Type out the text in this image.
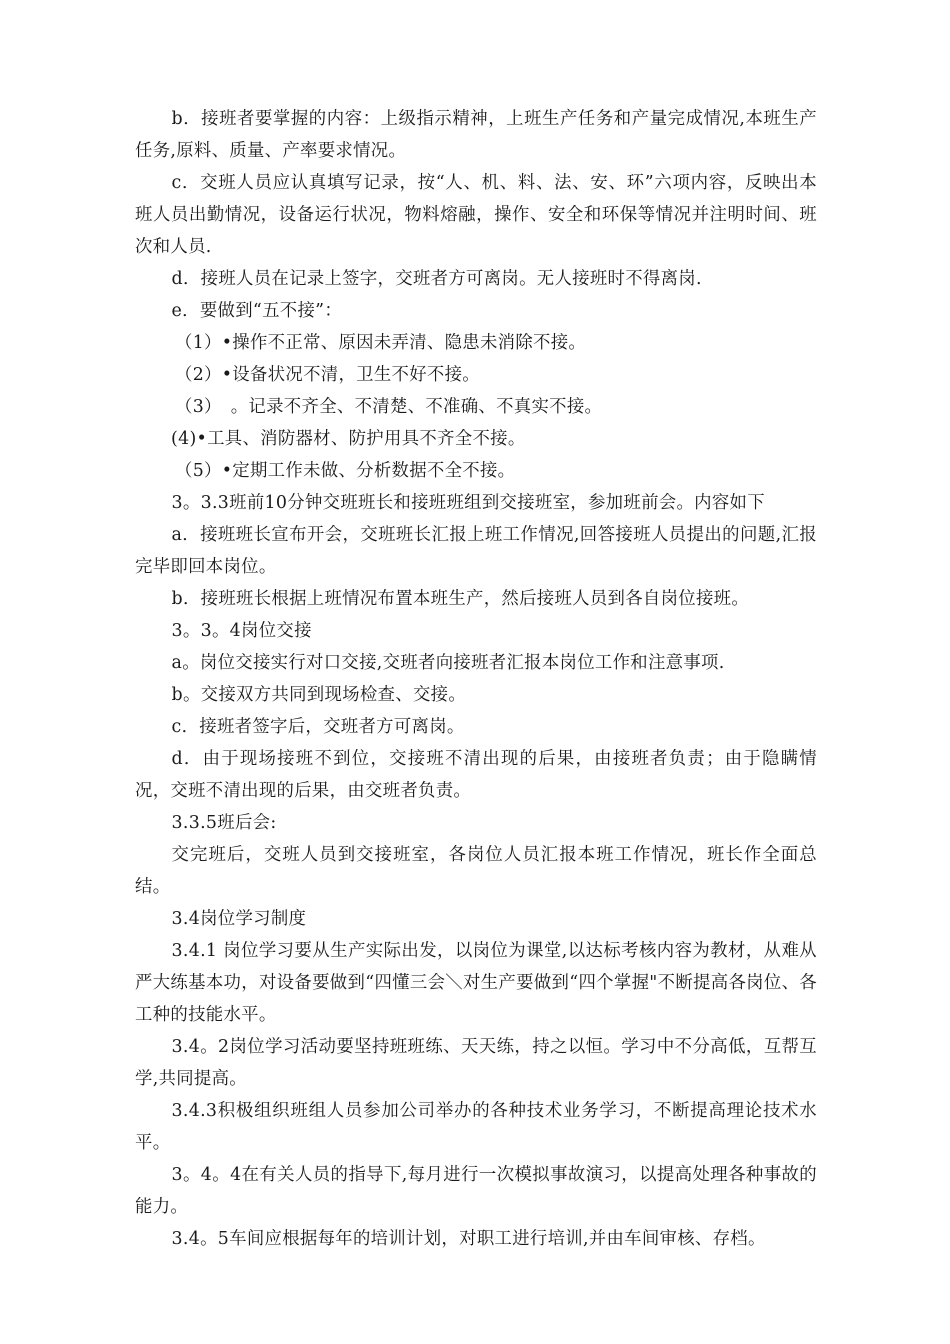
b．接班者要掌握的内容：上级指示精神，上班生产任务和产量完成情况,本班生产任务,原料、质量、产率要求情况。

c．交班人员应认真填写记录，按“人、机、料、法、安、环”六项内容，反映出本班人员出勤情况，设备运行状况，物料熔融，操作、安全和环保等情况并注明时间、班次和人员.

d．接班人员在记录上签字，交班者方可离岗。无人接班时不得离岗.

e．要做到“五不接”：

（1）•操作不正常、原因未弄清、隐患未消除不接。

（2）•设备状况不清，卫生不好不接。

（3）　。记录不齐全、不清楚、不准确、不真实不接。

(4)•工具、消防器材、防护用具不齐全不接。

（5）•定期工作未做、分析数据不全不接。

3。3.3班前10分钟交班班长和接班班组到交接班室，参加班前会。内容如下

a．接班班长宣布开会，交班班长汇报上班工作情况,回答接班人员提出的问题,汇报完毕即回本岗位。

b．接班班长根据上班情况布置本班生产，然后接班人员到各自岗位接班。

3。3。4岗位交接

a。岗位交接实行对口交接,交班者向接班者汇报本岗位工作和注意事项.

b。交接双方共同到现场检查、交接。

c．接班者签字后，交班者方可离岗。

d．由于现场接班不到位，交接班不清出现的后果，由接班者负责；由于隐瞒情况，交班不清出现的后果，由交班者负责。

3.3.5班后会:

交完班后，交班人员到交接班室，各岗位人员汇报本班工作情况，班长作全面总结。

3.4岗位学习制度

3.4.1 岗位学习要从生产实际出发，以岗位为课堂,以达标考核内容为教材，从难从严大练基本功，对设备要做到“四懂三会＼对生产要做到“四个掌握"不断提高各岗位、各工种的技能水平。

3.4。2岗位学习活动要坚持班班练、天天练，持之以恒。学习中不分高低，互帮互学,共同提高。

3.4.3积极组织班组人员参加公司举办的各种技术业务学习，不断提高理论技术水平。

3。4。4在有关人员的指导下,每月进行一次模拟事故演习，以提高处理各种事故的能力。

3.4。5车间应根据每年的培训计划，对职工进行培训,并由车间审核、存档。
